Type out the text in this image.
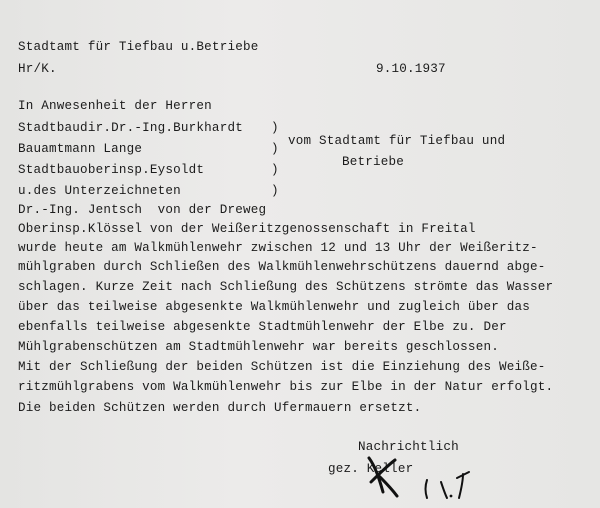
Stadtamt für Tiefbau u.Betriebe
Hr/K.	9.10.1937
In Anwesenheit der Herren
Stadtbaudir.Dr.-Ing.Burkhardt
Bauamtmann Lange
Stadtbauoberinsp.Eysoldt
u.des Unterzeichneten
)
)
)
)
vom Stadtamt für Tiefbau und
Betriebe
Dr.-Ing. Jentsch  von der Dreweg
Oberinsp.Klössel von der Weißeritzgenossenschaft in Freital
wurde heute am Walkmühlenwehr zwischen 12 und 13 Uhr der Weißeritz-
mühlgraben durch Schließen des Walkmühlenwehrschützens dauernd abge-
schlagen. Kurze Zeit nach Schließung des Schützens strömte das Wasser
über das teilweise abgesenkte Walkmühlenwehr und zugleich über das
ebenfalls teilweise abgesenkte Stadtmühlenwehr der Elbe zu. Der
Mühlgrabenschützen am Stadtmühlenwehr war bereits geschlossen.
Mit der Schließung der beiden Schützen ist die Einziehung des Weiße-
ritzmühlgrabens vom Walkmühlenwehr bis zur Elbe in der Natur erfolgt.
Die beiden Schützen werden durch Ufermauern ersetzt.
Nachrichtlich
gez. Keller
